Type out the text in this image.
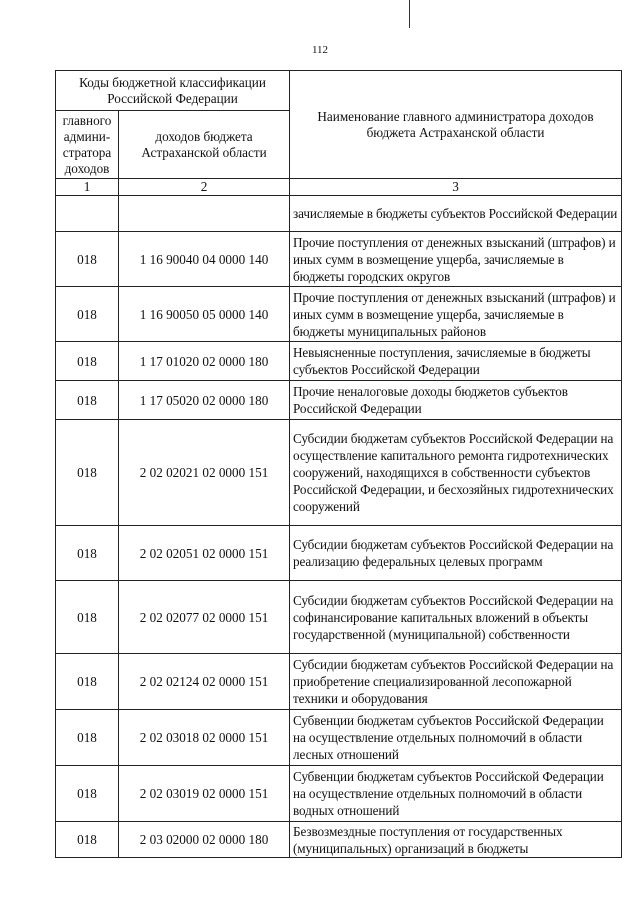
112
Коды бюджетной классификации Российской Федерации		Наименование главного администратора доходов бюджета Астраханской области
главного админи-стратора доходов	доходов бюджета Астраханской области	
1	2	3
		зачисляемые в бюджеты субъектов Российской Федерации
018	1 16 90040 04 0000 140	Прочие поступления от денежных взысканий (штрафов) и иных сумм в возмещение ущерба, зачисляемые в бюджеты городских округов
018	1 16 90050 05 0000 140	Прочие поступления от денежных взысканий (штрафов) и иных сумм в возмещение ущерба, зачисляемые в бюджеты муниципальных районов
018	1 17 01020 02 0000 180	Невыясненные поступления, зачисляемые в бюджеты субъектов Российской Федерации
018	1 17 05020 02 0000 180	Прочие неналоговые доходы бюджетов субъектов Российской Федерации
018	2 02 02021 02 0000 151	Субсидии бюджетам субъектов Российской Федерации на осуществление капитального ремонта гидротехнических сооружений, находящихся в собственности субъектов Российской Федерации, и бесхозяйных гидротехнических сооружений
018	2 02 02051 02 0000 151	Субсидии бюджетам субъектов Российской Федерации на реализацию федеральных целевых программ
018	2 02 02077 02 0000 151	Субсидии бюджетам субъектов Российской Федерации на софинансирование капитальных вложений в объекты государственной (муниципальной) собственности
018	2 02 02124 02 0000 151	Субсидии бюджетам субъектов Российской Федерации на приобретение специализированной лесопожарной техники и оборудования
018	2 02 03018 02 0000 151	Субвенции бюджетам субъектов Российской Федерации на осуществление отдельных полномочий в области лесных отношений
018	2 02 03019 02 0000 151	Субвенции бюджетам субъектов Российской Федерации на осуществление отдельных полномочий в области водных отношений
018	2 03 02000 02 0000 180	Безвозмездные поступления от государственных (муниципальных) организаций в бюджеты
